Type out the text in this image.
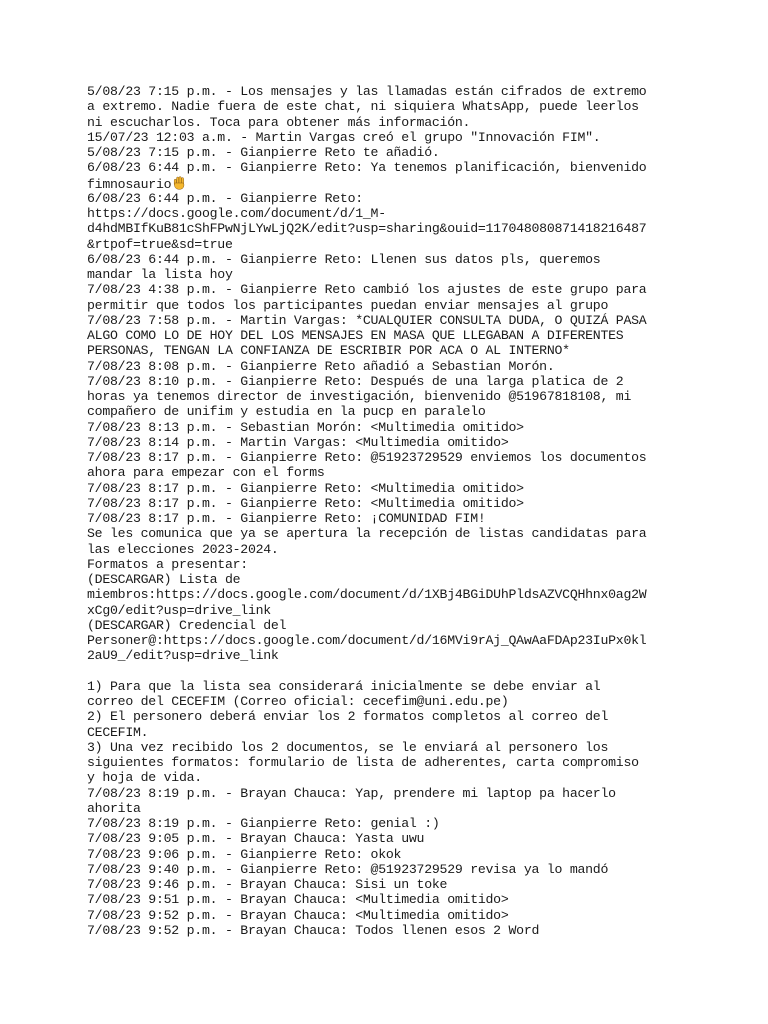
5/08/23 7:15 p.m. - Los mensajes y las llamadas están cifrados de extremo
a extremo. Nadie fuera de este chat, ni siquiera WhatsApp, puede leerlos
ni escucharlos. Toca para obtener más información.
15/07/23 12:03 a.m. - Martin Vargas creó el grupo "Innovación FIM".
5/08/23 7:15 p.m. - Gianpierre Reto te añadió.
6/08/23 6:44 p.m. - Gianpierre Reto: Ya tenemos planificación, bienvenido
fimnosaurio
6/08/23 6:44 p.m. - Gianpierre Reto:
https://docs.google.com/document/d/1_M-
d4hdMBIfKuB81cShFPwNjLYwLjQ2K/edit?usp=sharing&ouid=117048080871418216487
&rtpof=true&sd=true
6/08/23 6:44 p.m. - Gianpierre Reto: Llenen sus datos pls, queremos
mandar la lista hoy
7/08/23 4:38 p.m. - Gianpierre Reto cambió los ajustes de este grupo para
permitir que todos los participantes puedan enviar mensajes al grupo
7/08/23 7:58 p.m. - Martin Vargas: *CUALQUIER CONSULTA DUDA, O QUIZÁ PASA
ALGO COMO LO DE HOY DEL LOS MENSAJES EN MASA QUE LLEGABAN A DIFERENTES
PERSONAS, TENGAN LA CONFIANZA DE ESCRIBIR POR ACA O AL INTERNO*
7/08/23 8:08 p.m. - Gianpierre Reto añadió a Sebastian Morón.
7/08/23 8:10 p.m. - Gianpierre Reto: Después de una larga platica de 2
horas ya tenemos director de investigación, bienvenido @51967818108, mi
compañero de unifim y estudia en la pucp en paralelo
7/08/23 8:13 p.m. - Sebastian Morón: <Multimedia omitido>
7/08/23 8:14 p.m. - Martin Vargas: <Multimedia omitido>
7/08/23 8:17 p.m. - Gianpierre Reto: @51923729529 enviemos los documentos
ahora para empezar con el forms
7/08/23 8:17 p.m. - Gianpierre Reto: <Multimedia omitido>
7/08/23 8:17 p.m. - Gianpierre Reto: <Multimedia omitido>
7/08/23 8:17 p.m. - Gianpierre Reto: ¡COMUNIDAD FIM!
Se les comunica que ya se apertura la recepción de listas candidatas para
las elecciones 2023-2024.
Formatos a presentar:
(DESCARGAR) Lista de
miembros:https://docs.google.com/document/d/1XBj4BGiDUhPldsAZVCQHhnx0ag2W
xCg0/edit?usp=drive_link
(DESCARGAR) Credencial del
Personer@:https://docs.google.com/document/d/16MVi9rAj_QAwAaFDAp23IuPx0kl
2aU9_/edit?usp=drive_link
1) Para que la lista sea considerará inicialmente se debe enviar al
correo del CECEFIM (Correo oficial: cecefim@uni.edu.pe)
2) El personero deberá enviar los 2 formatos completos al correo del
CECEFIM.
3) Una vez recibido los 2 documentos, se le enviará al personero los
siguientes formatos: formulario de lista de adherentes, carta compromiso
y hoja de vida.
7/08/23 8:19 p.m. - Brayan Chauca: Yap, prendere mi laptop pa hacerlo
ahorita
7/08/23 8:19 p.m. - Gianpierre Reto: genial :)
7/08/23 9:05 p.m. - Brayan Chauca: Yasta uwu
7/08/23 9:06 p.m. - Gianpierre Reto: okok
7/08/23 9:40 p.m. - Gianpierre Reto: @51923729529 revisa ya lo mandó
7/08/23 9:46 p.m. - Brayan Chauca: Sisi un toke
7/08/23 9:51 p.m. - Brayan Chauca: <Multimedia omitido>
7/08/23 9:52 p.m. - Brayan Chauca: <Multimedia omitido>
7/08/23 9:52 p.m. - Brayan Chauca: Todos llenen esos 2 Word
